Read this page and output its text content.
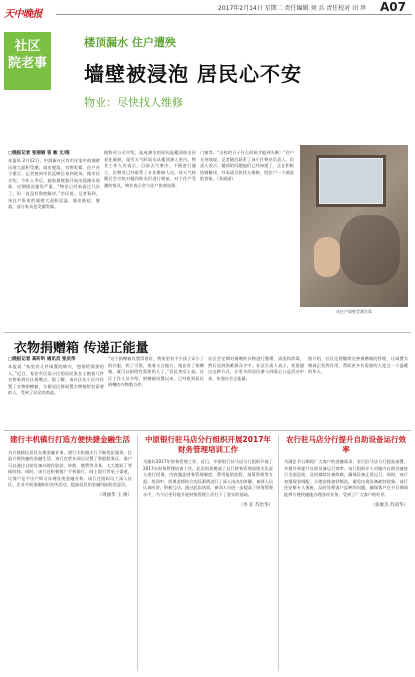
天中晚报
社区
院老事
2017年2月14日 星期二 责任编辑 刘 兵 责任校对 田 珍 A07
楼顶漏水 住户遭殃
墙壁被浸泡 居民心不安
物业：尽快找人维修
□晚报记者 张丽丽 袁 敏 文/图
本报讯 2月12日，中润新社区有市民家中的墙壁出现大面积受潮，墙皮脱落，衣物发霉，住户苦不堪言。记者接到市民反映后来到现场。据市民介绍，今年入冬后，她家墙壁就开始出现渗水现象，近期情况越发严重。“物业已经来看过几次了，但一直没有彻底解决。”市民说。记者看到，该住户卧室的墙壁大面积浸湿，墙皮鼓起、脱落，部分家具也受潮发霉。
据物业公司介绍，造成渗水的原因是楼顶防水层老化破损，雨雪天气时雨水从楼顶渗入室内。物业工作人员表示，目前天气寒冷，不便进行施工，但物业已经联系了专业维修人员，待天气转暖后会尽快对楼顶防水层进行修复。对于住户受潮的家具，物业表示会与住户协商处理。
门窗等。“这样的日子什么时候才能到头啊！”住户无奈地说。记者随后联系了该小区物业负责人。负责人表示，楼顶的问题他们已经知道了，正在积极协调解决，并承诺尽快找人维修，给住户一个满意的答复。（张丽丽）
该住户墙壁受潮发霉
衣物捐赠箱 传递正能量
□晚报记者 高昕昕 通讯员 张庆伟
本报讯 “家里有几件闲置的棉衣，想捐给需要的人。”近日，家住市区某小区的居民张女士抱着几件衣物来到社区捐赠点。据了解，该社区在小区内设置了衣物捐赠箱，方便居民将闲置衣物捐给有需要的人，受到了居民的欢迎。
“这个捐赠箱设置得很好，我家里有不少孩子穿小了的衣服，扔了可惜，放着又占地方，现在有了捐赠箱，就可以捐给有需要的人了。”居民李女士说。社区工作人员介绍，捐赠箱设置以来，已经收到居民捐赠的衣物数百件。
社区会定期对捐赠的衣物进行整理、清洗和消毒，然后送到困难群众手中。社区负责人表示，希望通过这种方式，让更多的居民参与到爱心公益活动中来，传递社会正能量。
据介绍，社区还将继续完善捐赠箱的管理，让闲置衣物真正发挥作用，帮助更多有需要的人度过一个温暖的冬天。
建行丰机镇行打造方便快捷金融生活
为方便辖区居民办理金融业务，建行丰机镇支行不断优化服务，打造方便快捷的金融生活。该行在营业网点设置了智能服务区，客户可以通过自助设备办理存取款、转账、缴费等业务，大大缩短了等候时间。同时，该行还积极推广手机银行、网上银行等电子渠道，让客户足不出户即可办理各类金融业务。该行还组织员工深入社区、企业开展金融知识宣传活动，提高居民的金融风险防范意识。
（周丽华 王 俊）
中原银行驻马店分行组织开展2017年财务管理培训工作
为做好2017年财务管理工作，近日，中原银行驻马店分行组织开展了2017年财务管理培训工作。此次培训邀请了总行财务管理部相关负责人进行授课，内容涵盖财务管理制度、费用报销流程、预算管理等方面。培训中，授课老师结合实际案例进行了深入浅出的讲解，参训人员认真听讲，积极互动。通过此次培训，参训人员进一步提高了财务管理水平，为今后更好地开展财务管理工作打下了坚实的基础。
（李 亚 苏治华）
农行驻马店分行提升自助设备运行效率
为满足节日期间广大客户的金融需求，农行驻马店分行提前部署，多措并举提升自助设备运行效率。该行组织专人对辖内自助设备进行全面巡检，及时排除设备故障，确保设备正常运行。同时，该行加强现金调配，合理安排加钞频次，避免出现设备缺钞现象。该行还安排专人值班，及时处理客户反映的问题，确保客户在节日期间能够方便快捷地办理各项业务，受到了广大客户的好评。
（张俊杰 苏国华）
